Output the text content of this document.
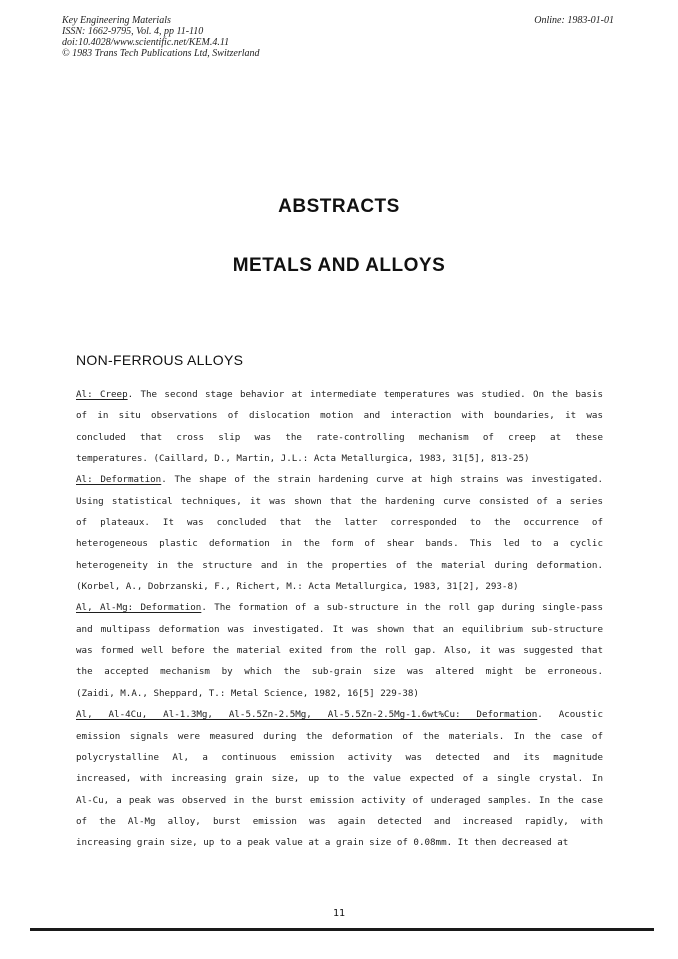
Key Engineering Materials
ISSN: 1662-9795, Vol. 4, pp 11-110
doi:10.4028/www.scientific.net/KEM.4.11
© 1983 Trans Tech Publications Ltd, Switzerland
Online: 1983-01-01
ABSTRACTS
METALS AND ALLOYS
NON-FERROUS ALLOYS
Al: Creep. The second stage behavior at intermediate temperatures was studied. On the basis
of in situ observations of dislocation motion and interaction with boundaries, it was
concluded that cross slip was the rate-controlling mechanism of creep at these
temperatures. (Caillard, D., Martin, J.L.: Acta Metallurgica, 1983, 31[5], 813-25)
Al: Deformation. The shape of the strain hardening curve at high strains was investigated.
Using statistical techniques, it was shown that the hardening curve consisted of a series
of plateaux. It was concluded that the latter corresponded to the occurrence of
heterogeneous plastic deformation in the form of shear bands. This led to a cyclic
heterogeneity in the structure and in the properties of the material during deformation.
(Korbel, A., Dobrzanski, F., Richert, M.: Acta Metallurgica, 1983, 31[2], 293-8)
Al, Al-Mg: Deformation. The formation of a sub-structure in the roll gap during single-pass
and multipass deformation was investigated. It was shown that an equilibrium sub-structure
was formed well before the material exited from the roll gap. Also, it was suggested that
the accepted mechanism by which the sub-grain size was altered might be erroneous.
(Zaidi, M.A., Sheppard, T.: Metal Science, 1982, 16[5] 229-38)
Al, Al-4Cu, Al-1.3Mg, Al-5.5Zn-2.5Mg, Al-5.5Zn-2.5Mg-1.6wt%Cu: Deformation. Acoustic
emission signals were measured during the deformation of the materials. In the case of
polycrystalline Al, a continuous emission activity was detected and its magnitude
increased, with increasing grain size, up to the value expected of a single crystal. In
Al-Cu, a peak was observed in the burst emission activity of underaged samples. In the case
of the Al-Mg alloy, burst emission was again detected and increased rapidly, with
increasing grain size, up to a peak value at a grain size of 0.08mm. It then decreased at
11
